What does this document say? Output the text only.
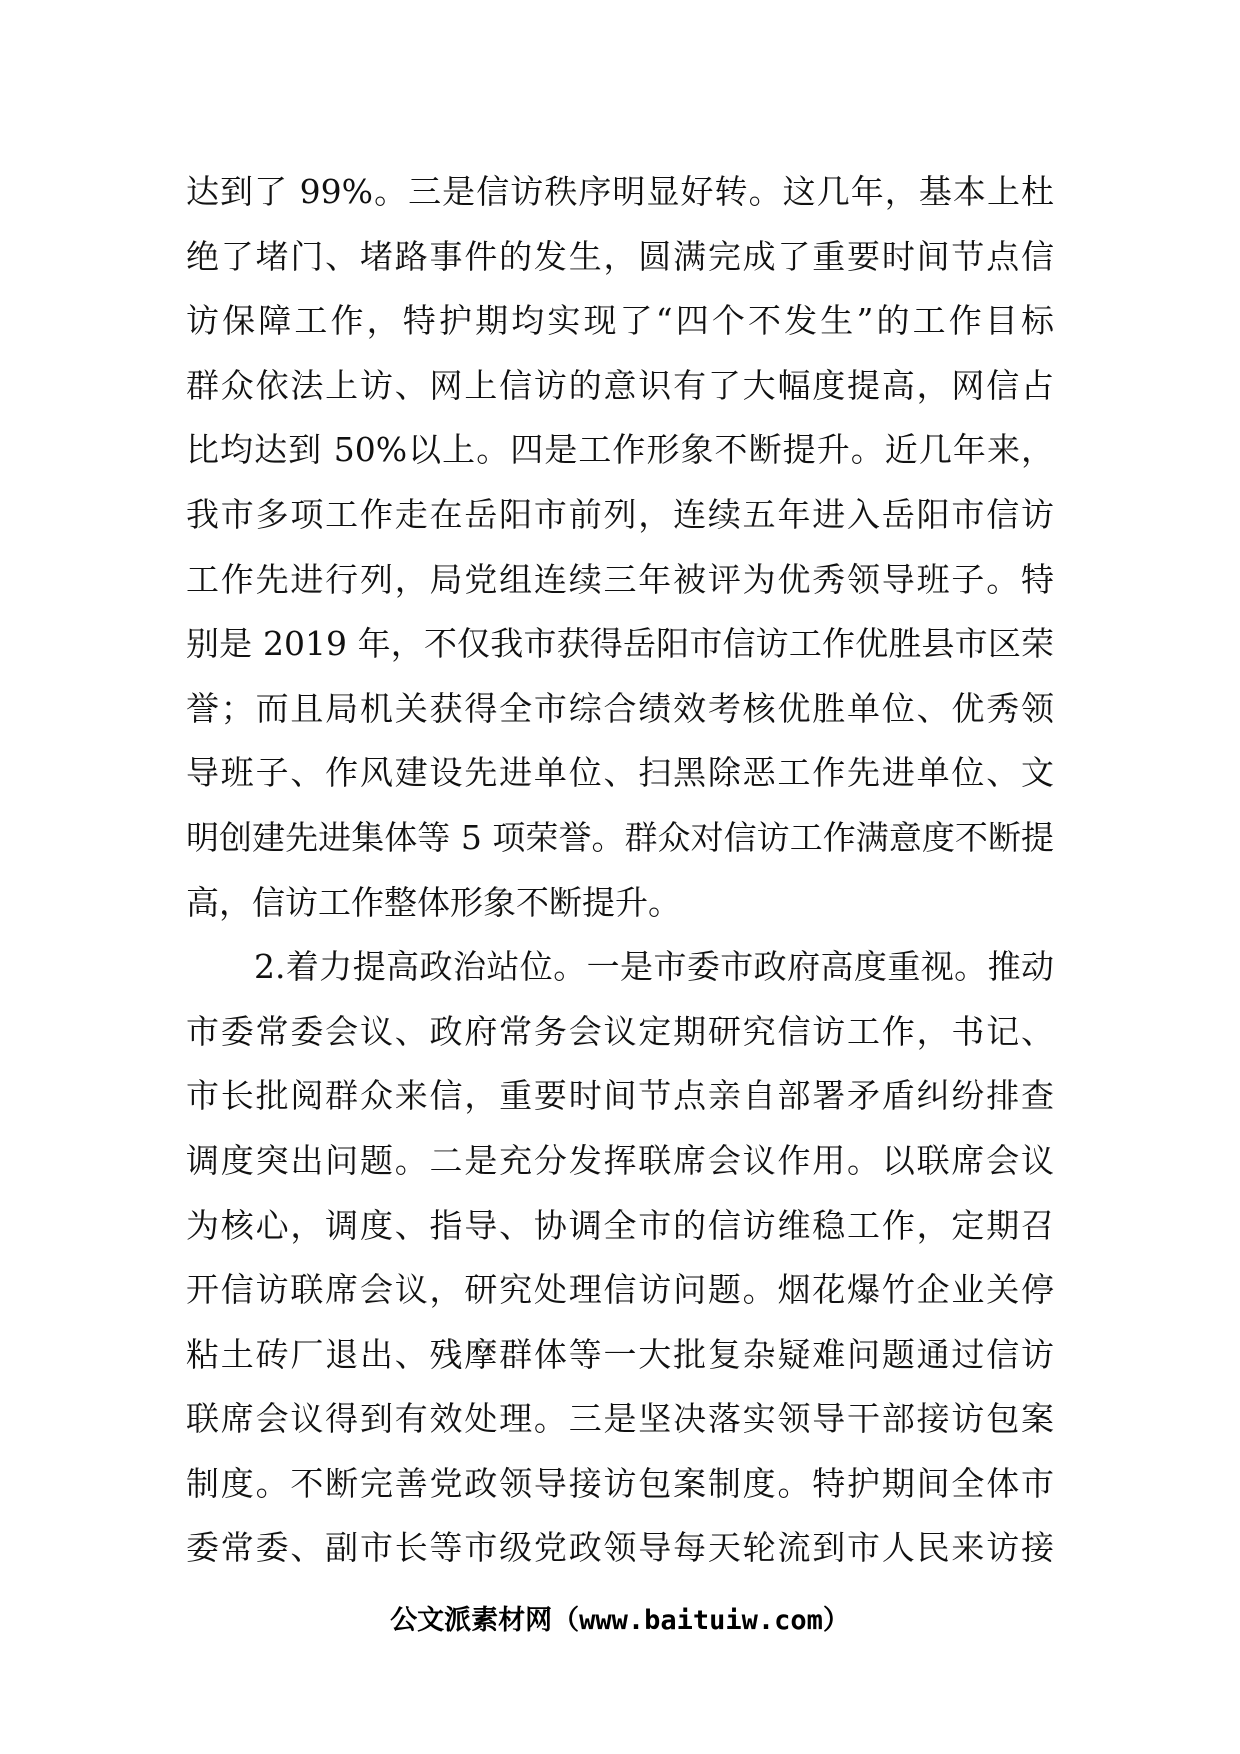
达到了 99%。三是信访秩序明显好转。这几年，基本上杜
绝了堵门、堵路事件的发生，圆满完成了重要时间节点信
访保障工作，特护期均实现了“四个不发生”的工作目标
群众依法上访、网上信访的意识有了大幅度提高，网信占
比均达到 50%以上。四是工作形象不断提升。近几年来，
我市多项工作走在岳阳市前列，连续五年进入岳阳市信访
工作先进行列，局党组连续三年被评为优秀领导班子。特
别是 2019 年，不仅我市获得岳阳市信访工作优胜县市区荣
誉；而且局机关获得全市综合绩效考核优胜单位、优秀领
导班子、作风建设先进单位、扫黑除恶工作先进单位、文
明创建先进集体等 5 项荣誉。群众对信访工作满意度不断提
高，信访工作整体形象不断提升。
2.着力提高政治站位。一是市委市政府高度重视。推动
市委常委会议、政府常务会议定期研究信访工作，书记、
市长批阅群众来信，重要时间节点亲自部署矛盾纠纷排查
调度突出问题。二是充分发挥联席会议作用。以联席会议
为核心，调度、指导、协调全市的信访维稳工作，定期召
开信访联席会议，研究处理信访问题。烟花爆竹企业关停
粘土砖厂退出、残摩群体等一大批复杂疑难问题通过信访
联席会议得到有效处理。三是坚决落实领导干部接访包案
制度。不断完善党政领导接访包案制度。特护期间全体市
委常委、副市长等市级党政领导每天轮流到市人民来访接
公文派素材网（www.baituiw.com）
